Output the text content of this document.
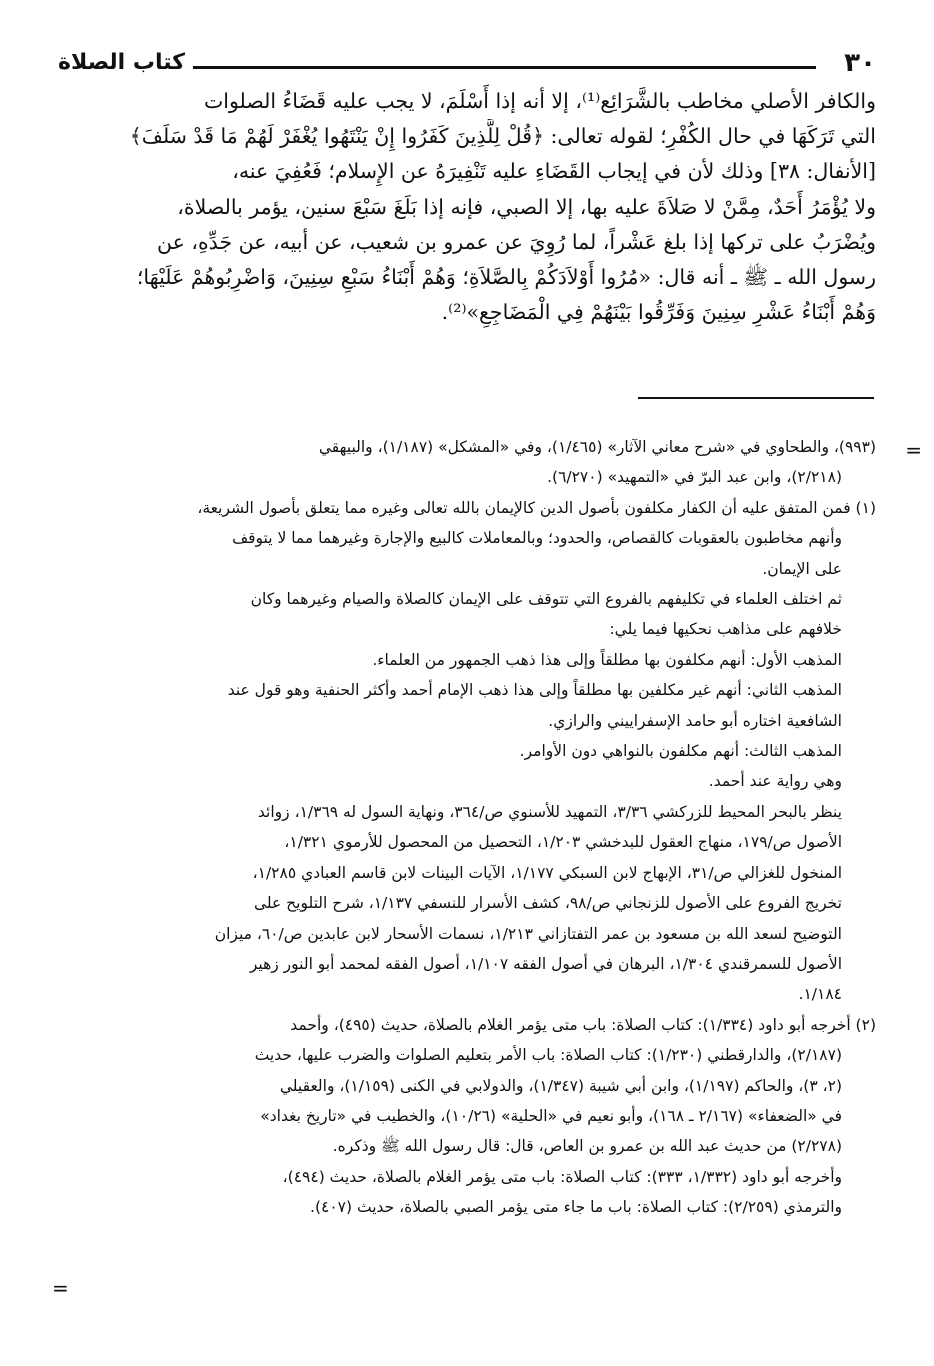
٣٠
كتاب الصلاة
والكافر الأصلي مخاطب بالشَّرَائِع⁽¹⁾، إلا أنه إذا أَسْلَمَ، لا يجب عليه قَضَاءُ الصلوات
التي تَرَكَهَا في حال الكُفْرِ؛ لقوله تعالى: ﴿قُلْ لِلَّذِينَ كَفَرُوا إِنْ يَنْتَهُوا يُغْفَرْ لَهُمْ مَا قَدْ سَلَفَ﴾
[الأنفال: ٣٨] وذلك لأن في إيجاب القَضَاءِ عليه تَنْفِيرَهُ عن الإِسلام؛ فَعُفِيَ عنه،
ولا يُؤْمَرُ أَحَدٌ، مِمَّنْ لا صَلاَةَ عليه بها، إلا الصبي، فإنه إذا بَلَغَ سَبْعَ سنين، يؤمر بالصلاة،
ويُضْرَبُ على تركها إذا بلغ عَشْراً، لما رُوِيَ عن عمرو بن شعيب، عن أبيه، عن جَدِّهِ، عن
رسول الله ـ ﷺ ـ أنه قال: «مُرُوا أَوْلاَدَكُمْ بِالصَّلاَةِ؛ وَهُمْ أَبْنَاءُ سَبْعِ سِنِينَ، وَاضْرِبُوهُمْ عَلَيْهَا؛
وَهُمْ أَبْنَاءُ عَشْرِ سِنِينَ وَفَرِّقُوا بَيْنَهُمْ فِي الْمَضَاجِعِ»⁽²⁾.
=
(٩٩٣)، والطحاوي في «شرح معاني الآثار» (١/٤٦٥)، وفي «المشكل» (١/١٨٧)، والبيهقي
(٢/٢١٨)، وابن عبد البرّ في «التمهيد» (٦/٢٧٠).
(١) فمن المتفق عليه أن الكفار مكلفون بأصول الدين كالإيمان بالله تعالى وغيره مما يتعلق بأصول الشريعة،
وأنهم مخاطبون بالعقوبات كالقصاص، والحدود؛ وبالمعاملات كالبيع والإجارة وغيرهما مما لا يتوقف
على الإيمان.
ثم اختلف العلماء في تكليفهم بالفروع التي تتوقف على الإيمان كالصلاة والصيام وغيرهما وكان
خلافهم على مذاهب نحكيها فيما يلي:
المذهب الأول: أنهم مكلفون بها مطلقاً وإلى هذا ذهب الجمهور من العلماء.
المذهب الثاني: أنهم غير مكلفين بها مطلقاً وإلى هذا ذهب الإمام أحمد وأكثر الحنفية وهو قول عند
الشافعية اختاره أبو حامد الإسفراييني والرازي.
المذهب الثالث: أنهم مكلفون بالنواهي دون الأوامر.
وهي رواية عند أحمد.
ينظر بالبحر المحيط للزركشي ٣/٣٦، التمهيد للأسنوي ص/٣٦٤، ونهاية السول له ١/٣٦٩، زوائد
الأصول ص/١٧٩، منهاج العقول للبدخشي ١/٢٠٣، التحصيل من المحصول للأرموي ١/٣٢١،
المنخول للغزالي ص/٣١، الإبهاج لابن السبكي ١/١٧٧، الآيات البينات لابن قاسم العبادي ١/٢٨٥،
تخريج الفروع على الأصول للزنجاني ص/٩٨، كشف الأسرار للنسفي ١/١٣٧، شرح التلويح على
التوضيح لسعد الله بن مسعود بن عمر التفتازاني ١/٢١٣، نسمات الأسحار لابن عابدين ص/٦٠، ميزان
الأصول للسمرقندي ١/٣٠٤، البرهان في أصول الفقه ١/١٠٧، أصول الفقه لمحمد أبو النور زهير
١/١٨٤.
(٢) أخرجه أبو داود (١/٣٣٤): كتاب الصلاة: باب متى يؤمر الغلام بالصلاة، حديث (٤٩٥)، وأحمد
(٢/١٨٧)، والدارقطني (١/٢٣٠): كتاب الصلاة: باب الأمر بتعليم الصلوات والضرب عليها، حديث
(٢، ٣)، والحاكم (١/١٩٧)، وابن أبي شيبة (١/٣٤٧)، والدولابي في الكنى (١/١٥٩)، والعقيلي
في «الضعفاء» (٢/١٦٧ ـ ١٦٨)، وأبو نعيم في «الحلية» (١٠/٢٦)، والخطيب في «تاريخ بغداد»
(٢/٢٧٨) من حديث عبد الله بن عمرو بن العاص، قال: قال رسول الله ﷺ وذكره.
وأخرجه أبو داود (١/٣٣٢، ٣٣٣): كتاب الصلاة: باب متى يؤمر الغلام بالصلاة، حديث (٤٩٤)،
والترمذي (٢/٢٥٩): كتاب الصلاة: باب ما جاء متى يؤمر الصبي بالصلاة، حديث (٤٠٧).
=
